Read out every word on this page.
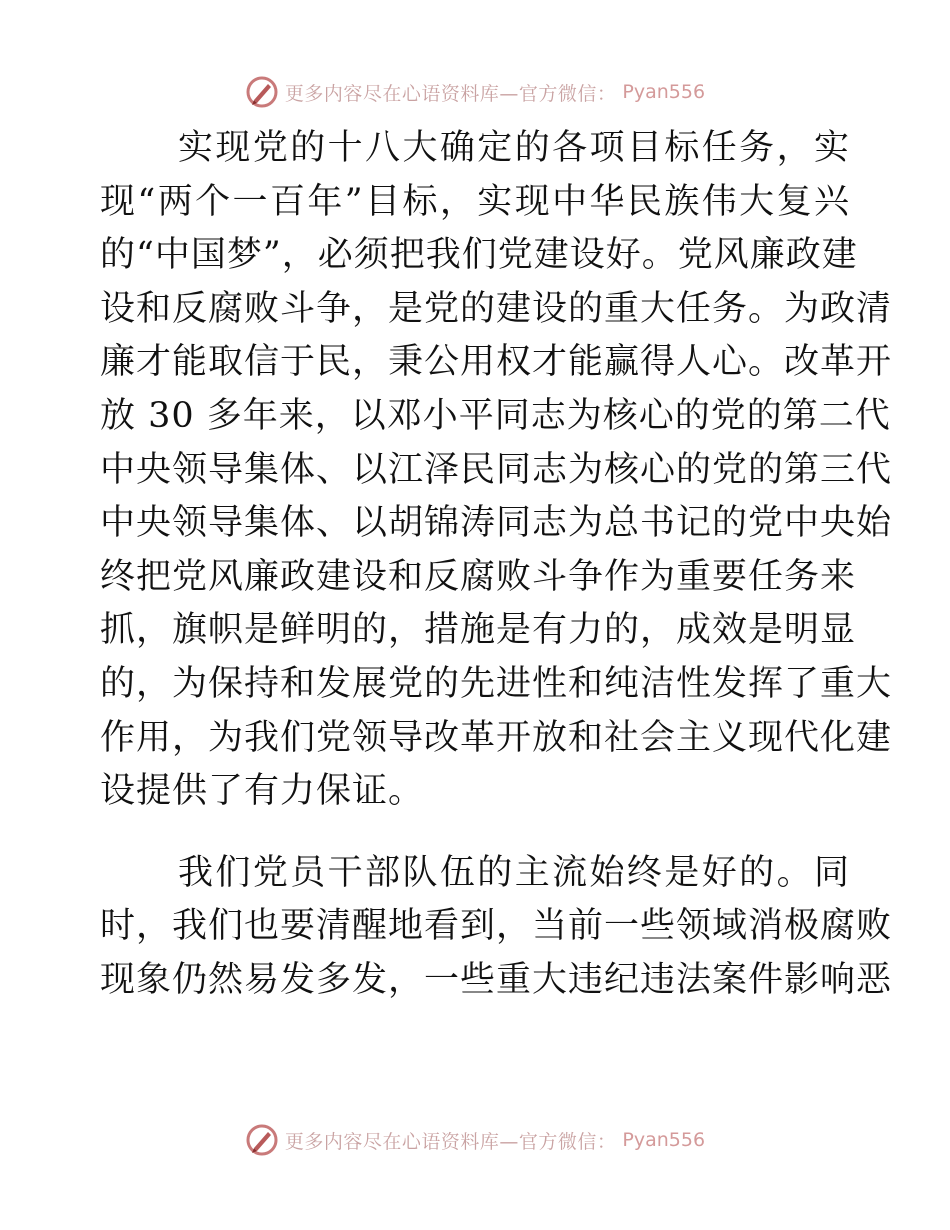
更多内容尽在心语资料库—官方微信： Pyan556
实现党的十八大确定的各项目标任务，实
现“两个一百年”目标，实现中华民族伟大复兴
的“中国梦”，必须把我们党建设好。党风廉政建
设和反腐败斗争，是党的建设的重大任务。为政清
廉才能取信于民，秉公用权才能赢得人心。改革开
放 30 多年来，以邓小平同志为核心的党的第二代
中央领导集体、以江泽民同志为核心的党的第三代
中央领导集体、以胡锦涛同志为总书记的党中央始
终把党风廉政建设和反腐败斗争作为重要任务来
抓，旗帜是鲜明的，措施是有力的，成效是明显
的，为保持和发展党的先进性和纯洁性发挥了重大
作用，为我们党领导改革开放和社会主义现代化建
设提供了有力保证。
我们党员干部队伍的主流始终是好的。同
时，我们也要清醒地看到，当前一些领域消极腐败
现象仍然易发多发，一些重大违纪违法案件影响恶
更多内容尽在心语资料库—官方微信： Pyan556
